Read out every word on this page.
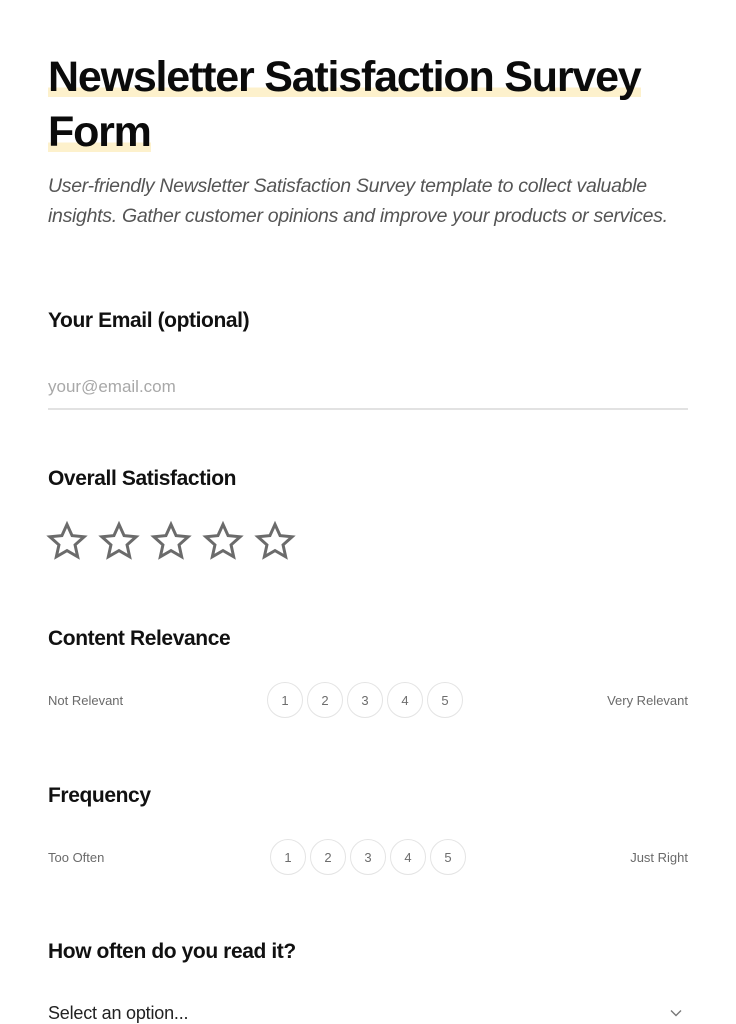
Newsletter Satisfaction Survey Form

User-friendly Newsletter Satisfaction Survey template to collect valuable insights. Gather customer opinions and improve your products or services.

Your Email (optional)
your@email.com
Overall Satisfaction
Content Relevance
Not Relevant	1	2	3	4	5	Very Relevant
Frequency
Too Often	1	2	3	4	5	Just Right
How often do you read it?
Select an option...
